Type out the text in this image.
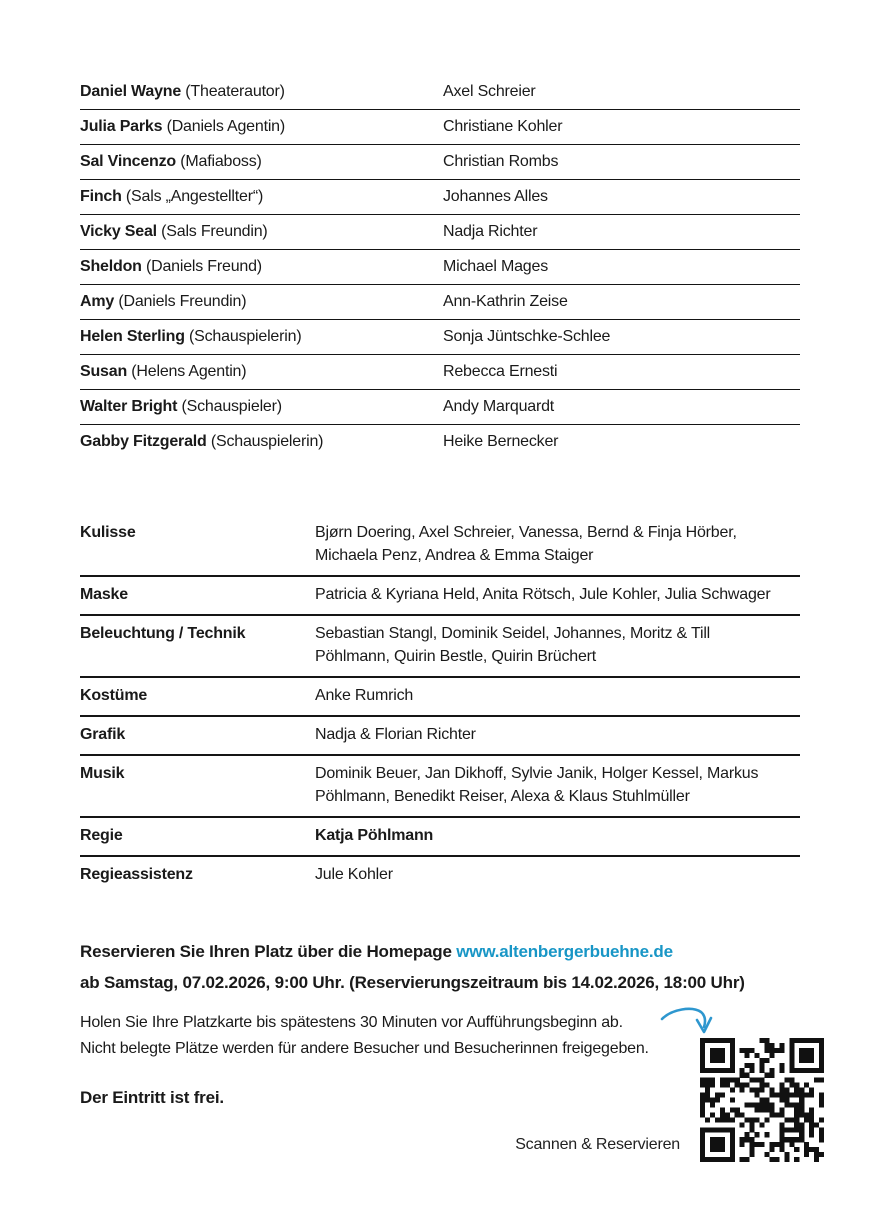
Daniel Wayne (Theaterautor)	Axel Schreier
Julia Parks (Daniels Agentin)	Christiane Kohler
Sal Vincenzo (Mafiaboss)	Christian Rombs
Finch (Sals „Angestellter“)	Johannes Alles
Vicky Seal (Sals Freundin)	Nadja Richter
Sheldon (Daniels Freund)	Michael Mages
Amy (Daniels Freundin)	Ann-Kathrin Zeise
Helen Sterling (Schauspielerin)	Sonja Jüntschke-Schlee
Susan (Helens Agentin)	Rebecca Ernesti
Walter Bright (Schauspieler)	Andy Marquardt
Gabby Fitzgerald (Schauspielerin)	Heike Bernecker
Kulisse	Bjørn Doering, Axel Schreier, Vanessa, Bernd & Finja Hörber, Michaela Penz, Andrea & Emma Staiger
Maske	Patricia & Kyriana Held, Anita Rötsch, Jule Kohler, Julia Schwager
Beleuchtung / Technik	Sebastian Stangl, Dominik Seidel, Johannes, Moritz & Till Pöhlmann, Quirin Bestle, Quirin Brüchert
Kostüme	Anke Rumrich
Grafik	Nadja & Florian Richter
Musik	Dominik Beuer, Jan Dikhoff, Sylvie Janik, Holger Kessel, Markus Pöhlmann, Benedikt Reiser, Alexa & Klaus Stuhlmüller
Regie	Katja Pöhlmann
Regieassistenz	Jule Kohler
Reservieren Sie Ihren Platz über die Homepage www.altenbergerbuehne.de
ab Samstag, 07.02.2026, 9:00 Uhr. (Reservierungszeitraum bis 14.02.2026, 18:00 Uhr)
Holen Sie Ihre Platzkarte bis spätestens 30 Minuten vor Aufführungsbeginn ab.
Nicht belegte Plätze werden für andere Besucher und Besucherinnen freigegeben.
Der Eintritt ist frei.
Scannen & Reservieren
